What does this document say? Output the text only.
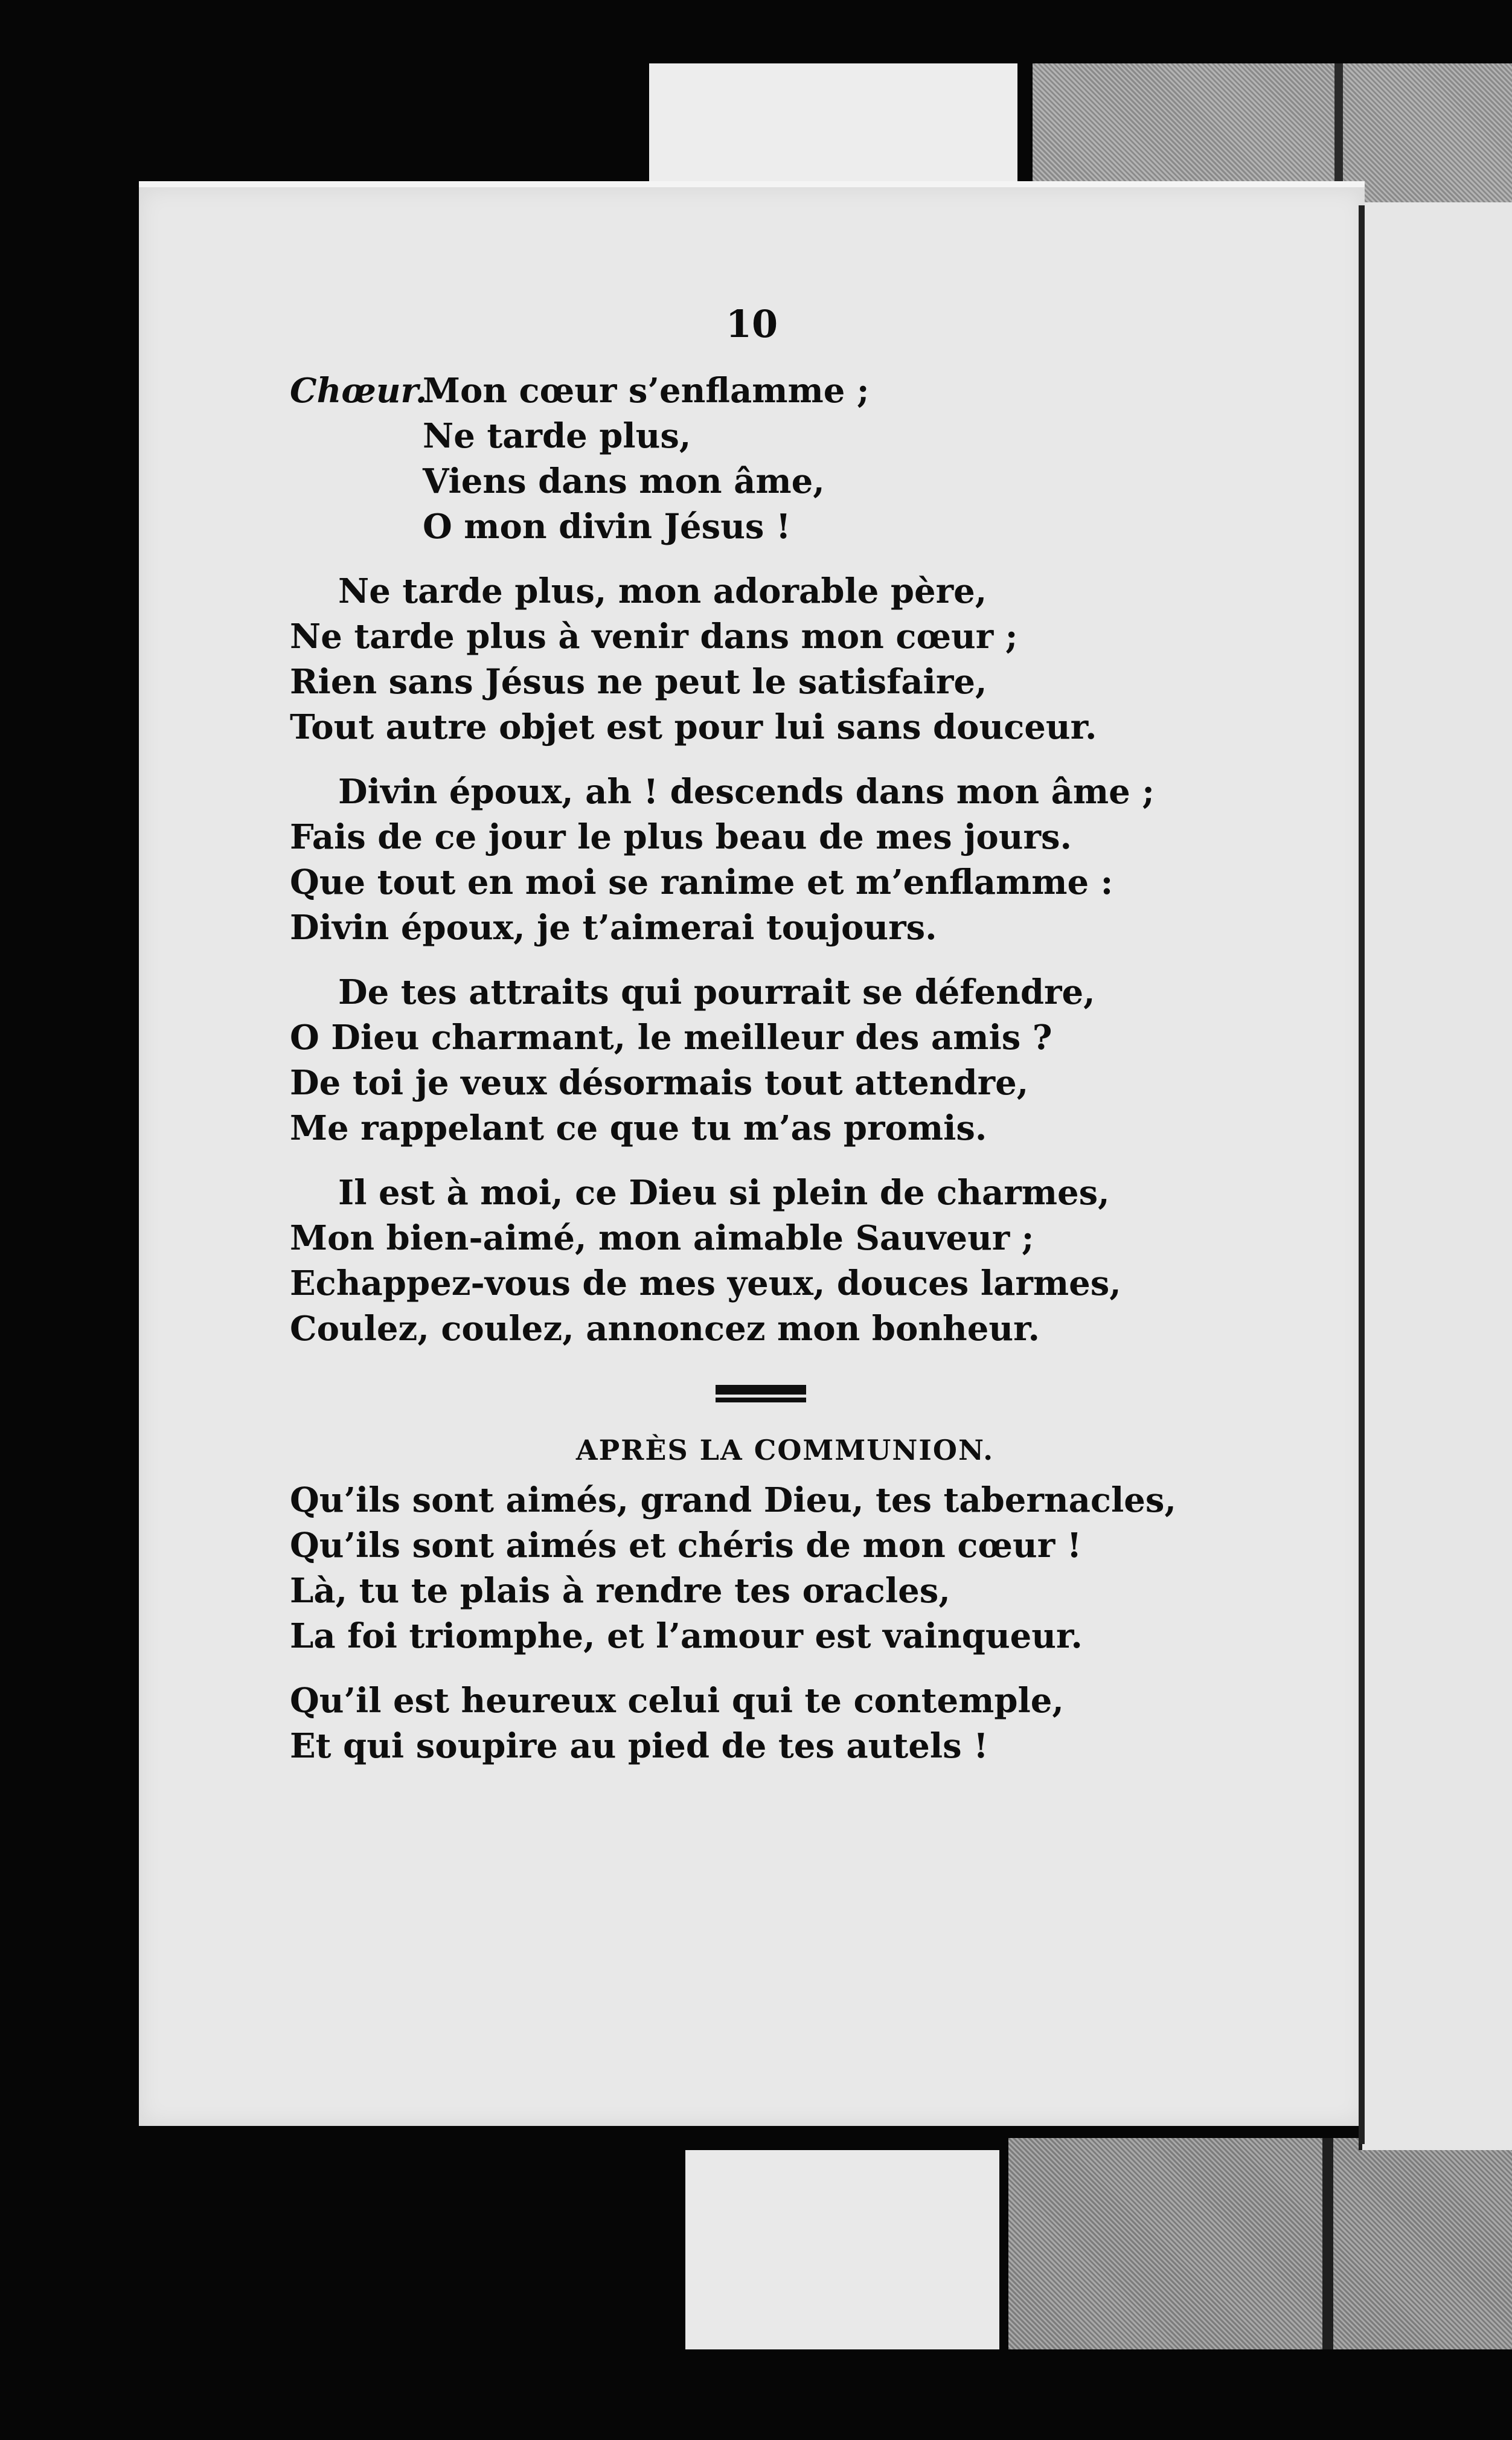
10
Chœur.Mon cœur s’enflamme ;
Ne tarde plus,
Viens dans mon âme,
O mon divin Jésus !
Ne tarde plus, mon adorable père,
Ne tarde plus à venir dans mon cœur ;
Rien sans Jésus ne peut le satisfaire,
Tout autre objet est pour lui sans douceur.
Divin époux, ah ! descends dans mon âme ;
Fais de ce jour le plus beau de mes jours.
Que tout en moi se ranime et m’enflamme :
Divin époux, je t’aimerai toujours.
De tes attraits qui pourrait se défendre,
O Dieu charmant, le meilleur des amis ?
De toi je veux désormais tout attendre,
Me rappelant ce que tu m’as promis.
Il est à moi, ce Dieu si plein de charmes,
Mon bien-aimé, mon aimable Sauveur ;
Echappez-vous de mes yeux, douces larmes,
Coulez, coulez, annoncez mon bonheur.
APRÈS LA COMMUNION.
Qu’ils sont aimés, grand Dieu, tes tabernacles,
Qu’ils sont aimés et chéris de mon cœur !
Là, tu te plais à rendre tes oracles,
La foi triomphe, et l’amour est vainqueur.
Qu’il est heureux celui qui te contemple,
Et qui soupire au pied de tes autels !
